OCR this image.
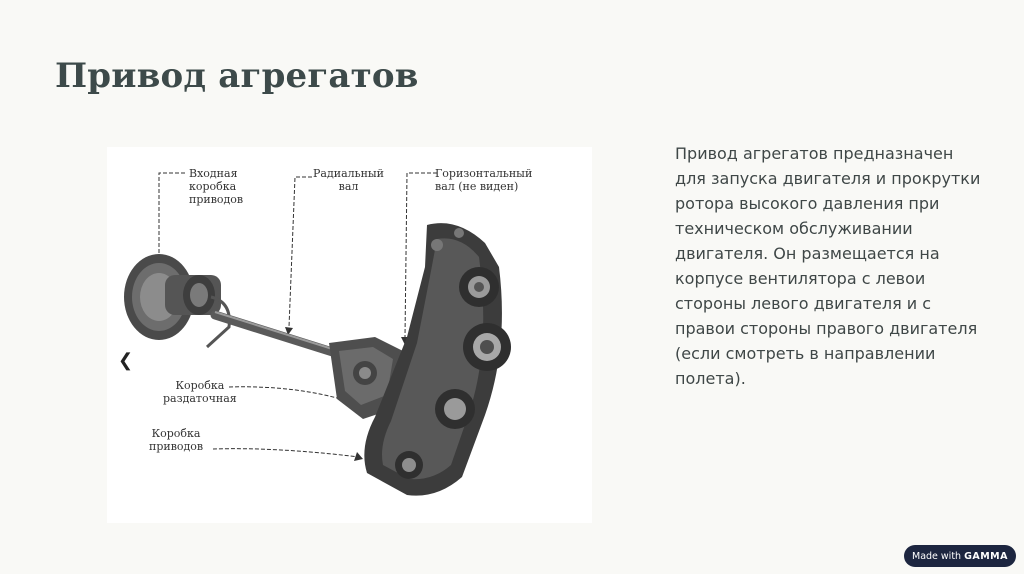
Привод агрегатов
Входная
коробка
приводов
Радиальный
вал
Горизонтальный
вал (не виден)
Коробка
раздаточная
Коробка
приводов
❮
Привод агрегатов предназначен для запуска двигателя и прокрутки ротора высокого давления при техническом обслуживании двигателя. Он размещается на корпусе вентилятора с левои стороны левого двигателя и с правои стороны правого двигателя (если смотреть в направлении полета).
Made with GAMMA
